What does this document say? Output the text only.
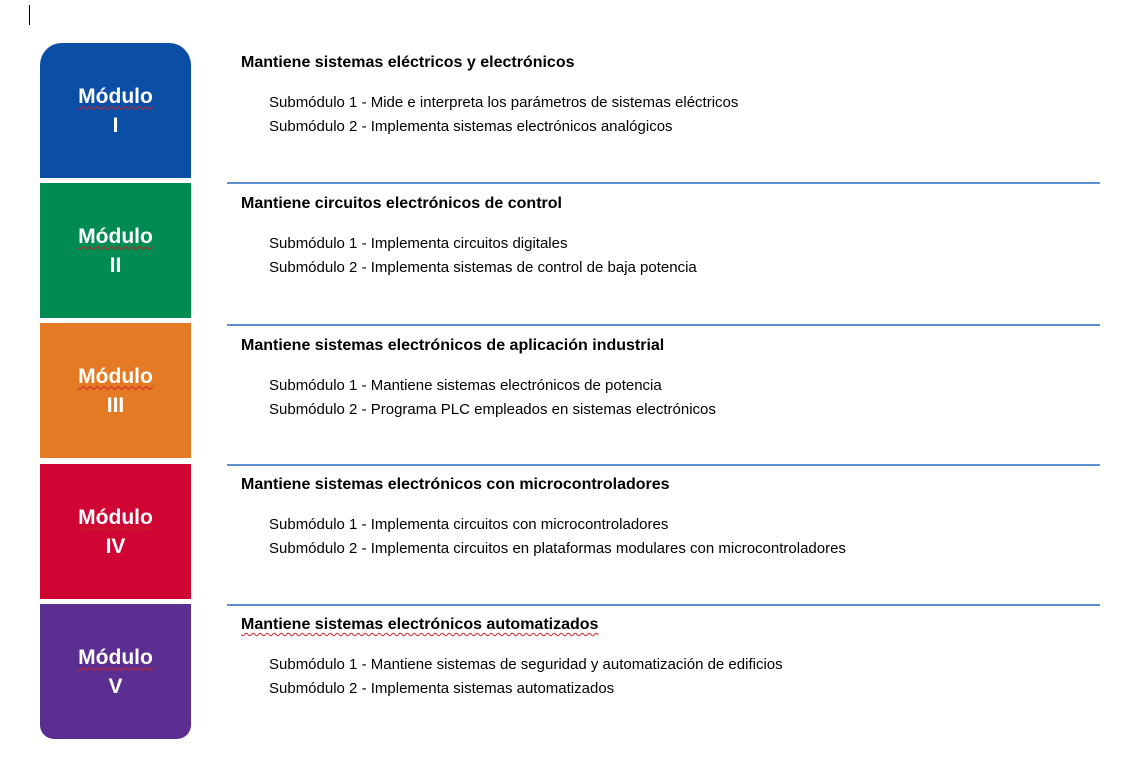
Módulo
I
Módulo
II
Módulo
III
Módulo
IV
Módulo
V

Mantiene sistemas eléctricos y electrónicos

Submódulo 1 - Mide e interpreta los parámetros de sistemas eléctricos
Submódulo 2 - Implementa sistemas electrónicos analógicos

Mantiene circuitos electrónicos de control

Submódulo 1 - Implementa circuitos digitales
Submódulo 2 - Implementa sistemas de control de baja potencia

Mantiene sistemas electrónicos de aplicación industrial

Submódulo 1 - Mantiene sistemas electrónicos de potencia
Submódulo 2 - Programa PLC empleados en sistemas electrónicos

Mantiene sistemas electrónicos con microcontroladores

Submódulo 1 - Implementa circuitos con microcontroladores
Submódulo 2 - Implementa circuitos en plataformas modulares con microcontroladores

Mantiene sistemas electrónicos automatizados

Submódulo 1 - Mantiene sistemas de seguridad y automatización de edificios
Submódulo 2 - Implementa sistemas automatizados
